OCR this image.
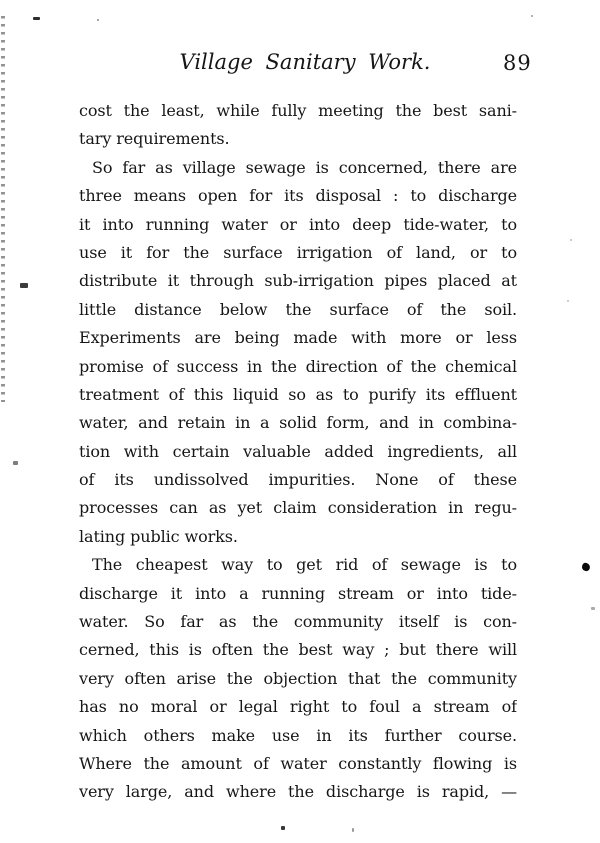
Village Sanitary Work.	89
cost the least, while fully meeting the best sani-
tary requirements.
So far as village sewage is concerned, there are
three means open for its disposal : to discharge
it into running water or into deep tide-water, to
use it for the surface irrigation of land, or to
distribute it through sub-irrigation pipes placed at
little distance below the surface of the soil.
Experiments are being made with more or less
promise of success in the direction of the chemical
treatment of this liquid so as to purify its effluent
water, and retain in a solid form, and in combina-
tion with certain valuable added ingredients, all
of its undissolved impurities. None of these
processes can as yet claim consideration in regu-
lating public works.
The cheapest way to get rid of sewage is to
discharge it into a running stream or into tide-
water. So far as the community itself is con-
cerned, this is often the best way ; but there will
very often arise the objection that the community
has no moral or legal right to foul a stream of
which others make use in its further course.
Where the amount of water constantly flowing is
very large, and where the discharge is rapid, —
